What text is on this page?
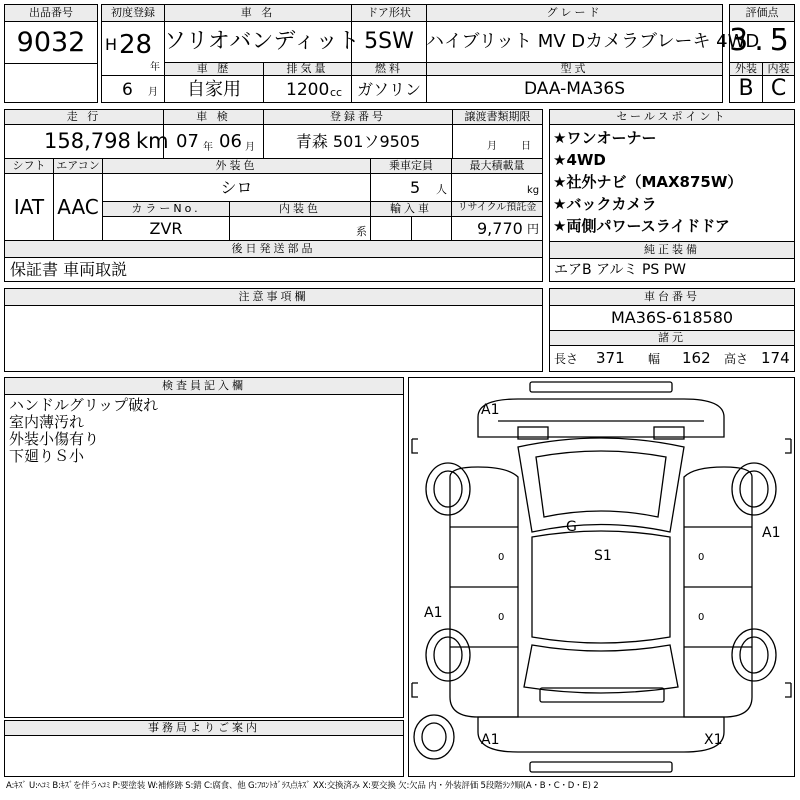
出品番号
9032
初度登録
H 28
年
車 名
ソリオバンディット
ドア形状
5SW
グレード
ハイブリット MV Dカメラブレーキ 4WD
評価点
3.5
6 月
車 歴
自家用
排気量
1200 cc
燃料
ガソリン
型式
DAA-MA36S
外装 内装
B C
走 行
158,798 km
車 検
07 年 06 月
登録番号
青森 501ソ9505
譲渡書類期限
月 日
シフト
IAT
エアコン
AAC
外装色
シロ
乗車定員
5 人
最大積載量
kg
カラーNo.
ZVR
内装色
系
輸入車	リサイクル預託金
9,770 円
後日発送部品
保証書 車両取説
セールスポイント
★ワンオーナー
★4WD
★社外ナビ（MAX875W）
★バックカメラ
★両側パワースライドドア
純正装備
エアB アルミ PS PW
注意事項欄	車台番号
MA36S-618580
諸元
長さ 371 幅 162 高さ 174
検査員記入欄
ハンドルグリップ破れ
室内薄汚れ
外装小傷有り
下廻りＳ小
事務局よりご案内
A1
A1
A1
G
S1
A1	X1
0
0
0
0
A:ｷｽﾞ U:ﾍｺﾐ B:ｷｽﾞを伴うﾍｺﾐ P:要塗装 W:補修跡 S:錆 C:腐食、他 G:ﾌﾛﾝﾄｶﾞﾗｽ点ｷｽﾞ XX:交換済み X:要交換 欠:欠品 内・外装評価 5段階ﾗﾝｸ順(A・B・C・D・E) 2
